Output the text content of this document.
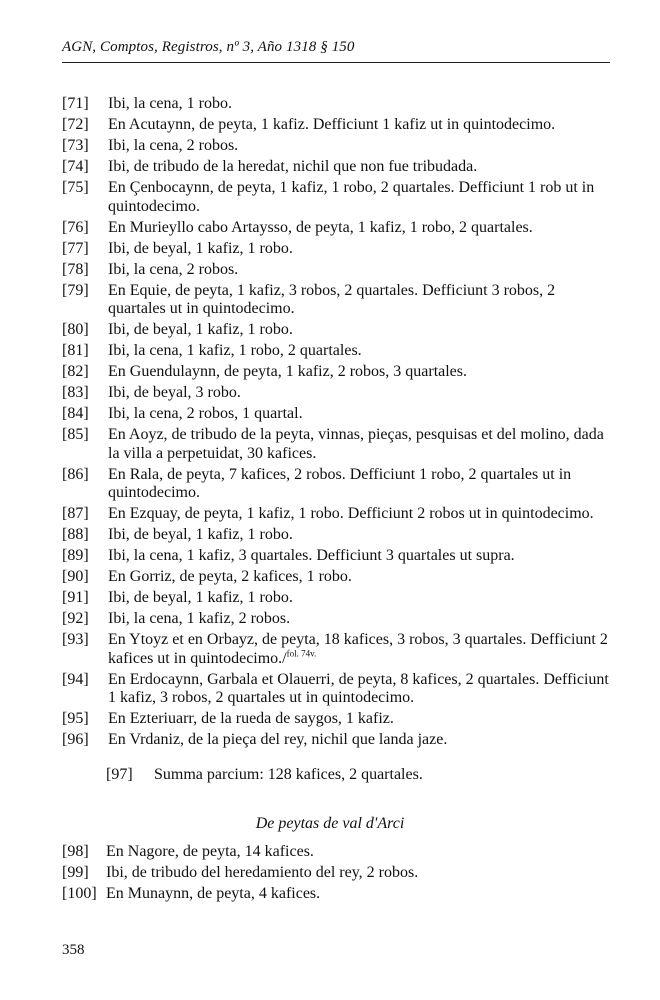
AGN, Comptos, Registros, nº 3, Año 1318 § 150
[71]	Ibi, la cena, 1 robo.
[72]	En Acutaynn, de peyta, 1 kafiz. Defficiunt 1 kafiz ut in quintodecimo.
[73]	Ibi, la cena, 2 robos.
[74]	Ibi, de tribudo de la heredat, nichil que non fue tribudada.
[75]	En Çenbocaynn, de peyta, 1 kafiz, 1 robo, 2 quartales. Defficiunt 1 rob ut in quintodecimo.
[76]	En Murieyllo cabo Artaysso, de peyta, 1 kafiz, 1 robo, 2 quartales.
[77]	Ibi, de beyal, 1 kafiz, 1 robo.
[78]	Ibi, la cena, 2 robos.
[79]	En Equie, de peyta, 1 kafiz, 3 robos, 2 quartales. Defficiunt 3 robos, 2 quartales ut in quintodecimo.
[80]	Ibi, de beyal, 1 kafiz, 1 robo.
[81]	Ibi, la cena, 1 kafiz, 1 robo, 2 quartales.
[82]	En Guendulaynn, de peyta, 1 kafiz, 2 robos, 3 quartales.
[83]	Ibi, de beyal, 3 robo.
[84]	Ibi, la cena, 2 robos, 1 quartal.
[85]	En Aoyz, de tribudo de la peyta, vinnas, pieças, pesquisas et del molino, dada la villa a perpetuidat, 30 kafices.
[86]	En Rala, de peyta, 7 kafices, 2 robos. Defficiunt 1 robo, 2 quartales ut in quintodecimo.
[87]	En Ezquay, de peyta, 1 kafiz, 1 robo. Defficiunt 2 robos ut in quintodecimo.
[88]	Ibi, de beyal, 1 kafiz, 1 robo.
[89]	Ibi, la cena, 1 kafiz, 3 quartales. Defficiunt 3 quartales ut supra.
[90]	En Gorriz, de peyta, 2 kafices, 1 robo.
[91]	Ibi, de beyal, 1 kafiz, 1 robo.
[92]	Ibi, la cena, 1 kafiz, 2 robos.
[93]	En Ytoyz et en Orbayz, de peyta, 18 kafices, 3 robos, 3 quartales. Defficiunt 2 kafices ut in quintodecimo./$^{fol. 74v.}$
[94]	En Erdocaynn, Garbala et Olauerri, de peyta, 8 kafices, 2 quartales. Defficiunt 1 kafiz, 3 robos, 2 quartales ut in quintodecimo.
[95]	En Ezteriuarr, de la rueda de saygos, 1 kafiz.
[96]	En Vrdaniz, de la pieça del rey, nichil que landa jaze.
[97] Summa parcium: 128 kafices, 2 quartales.
De peytas de val d'Arci
[98]	En Nagore, de peyta, 14 kafices.
[99]	Ibi, de tribudo del heredamiento del rey, 2 robos.
[100] En Munaynn, de peyta, 4 kafices.
358
